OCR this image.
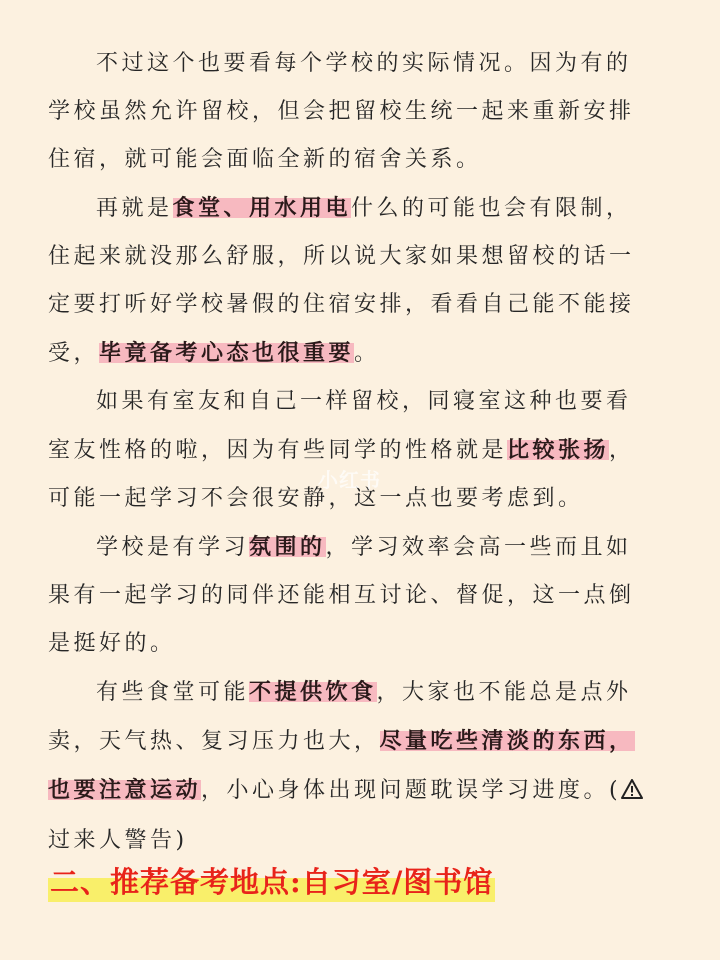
不过这个也要看每个学校的实际情况。因为有的
学校虽然允许留校，但会把留校生统一起来重新安排
住宿，就可能会面临全新的宿舍关系。

再就是食堂、用水用电什么的可能也会有限制，
住起来就没那么舒服，所以说大家如果想留校的话一
定要打听好学校暑假的住宿安排，看看自己能不能接
受，毕竟备考心态也很重要。

如果有室友和自己一样留校，同寝室这种也要看
室友性格的啦，因为有些同学的性格就是比较张扬，
可能一起学习不会很安静，这一点也要考虑到。

学校是有学习氛围的，学习效率会高一些而且如
果有一起学习的同伴还能相互讨论、督促，这一点倒
是挺好的。

有些食堂可能不提供饮食，大家也不能总是点外
卖，天气热、复习压力也大，尽量吃些清淡的东西，
也要注意运动，小心身体出现问题耽误学习进度。(
过来人警告)

小红书
二、推荐备考地点:自习室/图书馆
